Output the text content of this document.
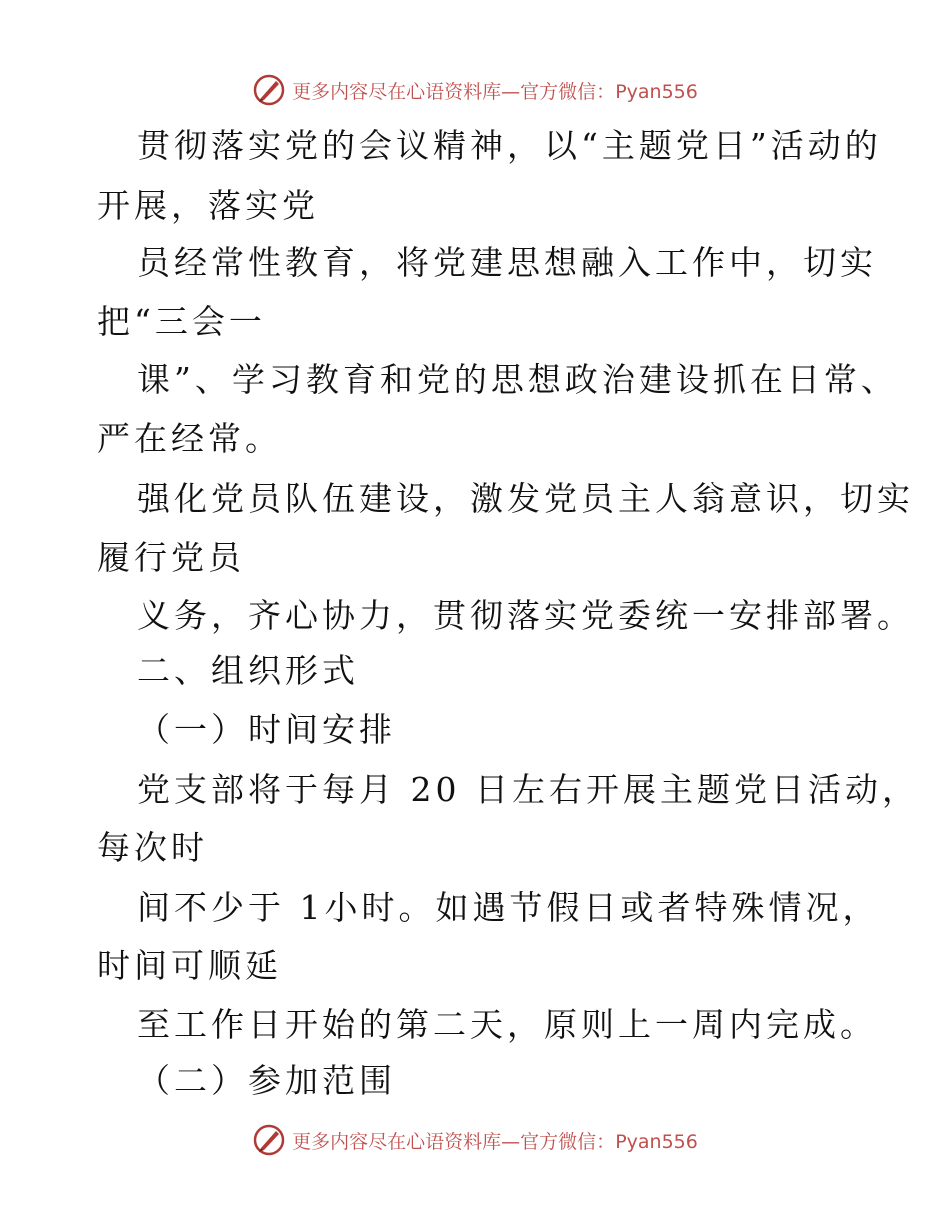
更多内容尽在心语资料库—官方微信：Pyan556
贯彻落实党的会议精神，以“主题党日”活动的
开展，落实党
员经常性教育，将党建思想融入工作中，切实
把“三会一
课”、学习教育和党的思想政治建设抓在日常、
严在经常。
强化党员队伍建设，激发党员主人翁意识，切实
履行党员
义务，齐心协力，贯彻落实党委统一安排部署。
二、组织形式
（一）时间安排
党支部将于每月 20 日左右开展主题党日活动，
每次时
间不少于 1小时。如遇节假日或者特殊情况，
时间可顺延
至工作日开始的第二天，原则上一周内完成。
（二）参加范围
更多内容尽在心语资料库—官方微信：Pyan556
